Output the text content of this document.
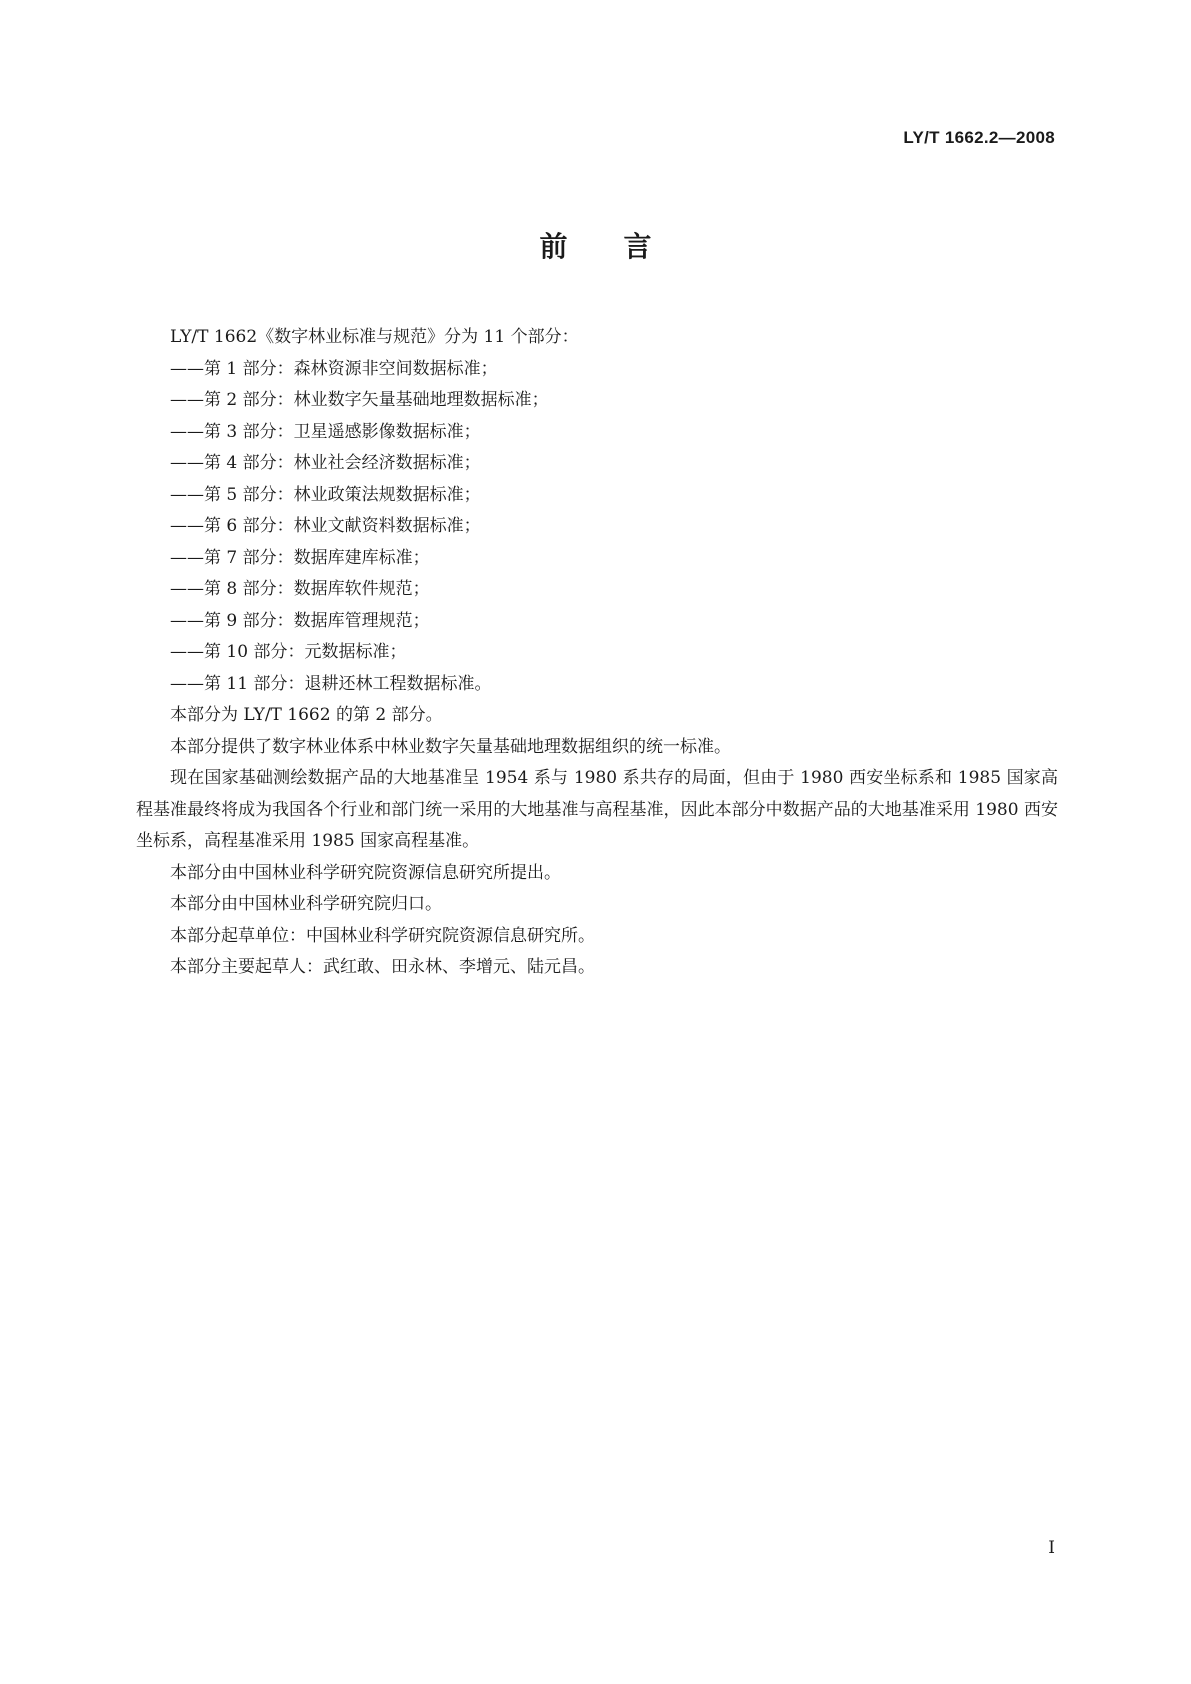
LY/T 1662.2—2008
前言

LY/T 1662《数字林业标准与规范》分为 11 个部分：

——第 1 部分：森林资源非空间数据标准；

——第 2 部分：林业数字矢量基础地理数据标准；

——第 3 部分：卫星遥感影像数据标准；

——第 4 部分：林业社会经济数据标准；

——第 5 部分：林业政策法规数据标准；

——第 6 部分：林业文献资料数据标准；

——第 7 部分：数据库建库标准；

——第 8 部分：数据库软件规范；

——第 9 部分：数据库管理规范；

——第 10 部分：元数据标准；

——第 11 部分：退耕还林工程数据标准。

本部分为 LY/T 1662 的第 2 部分。

本部分提供了数字林业体系中林业数字矢量基础地理数据组织的统一标准。

现在国家基础测绘数据产品的大地基准呈 1954 系与 1980 系共存的局面，但由于 1980 西安坐标系和 1985 国家高程基准最终将成为我国各个行业和部门统一采用的大地基准与高程基准，因此本部分中数据产品的大地基准采用 1980 西安坐标系，高程基准采用 1985 国家高程基准。

本部分由中国林业科学研究院资源信息研究所提出。

本部分由中国林业科学研究院归口。

本部分起草单位：中国林业科学研究院资源信息研究所。

本部分主要起草人：武红敢、田永林、李增元、陆元昌。

I
